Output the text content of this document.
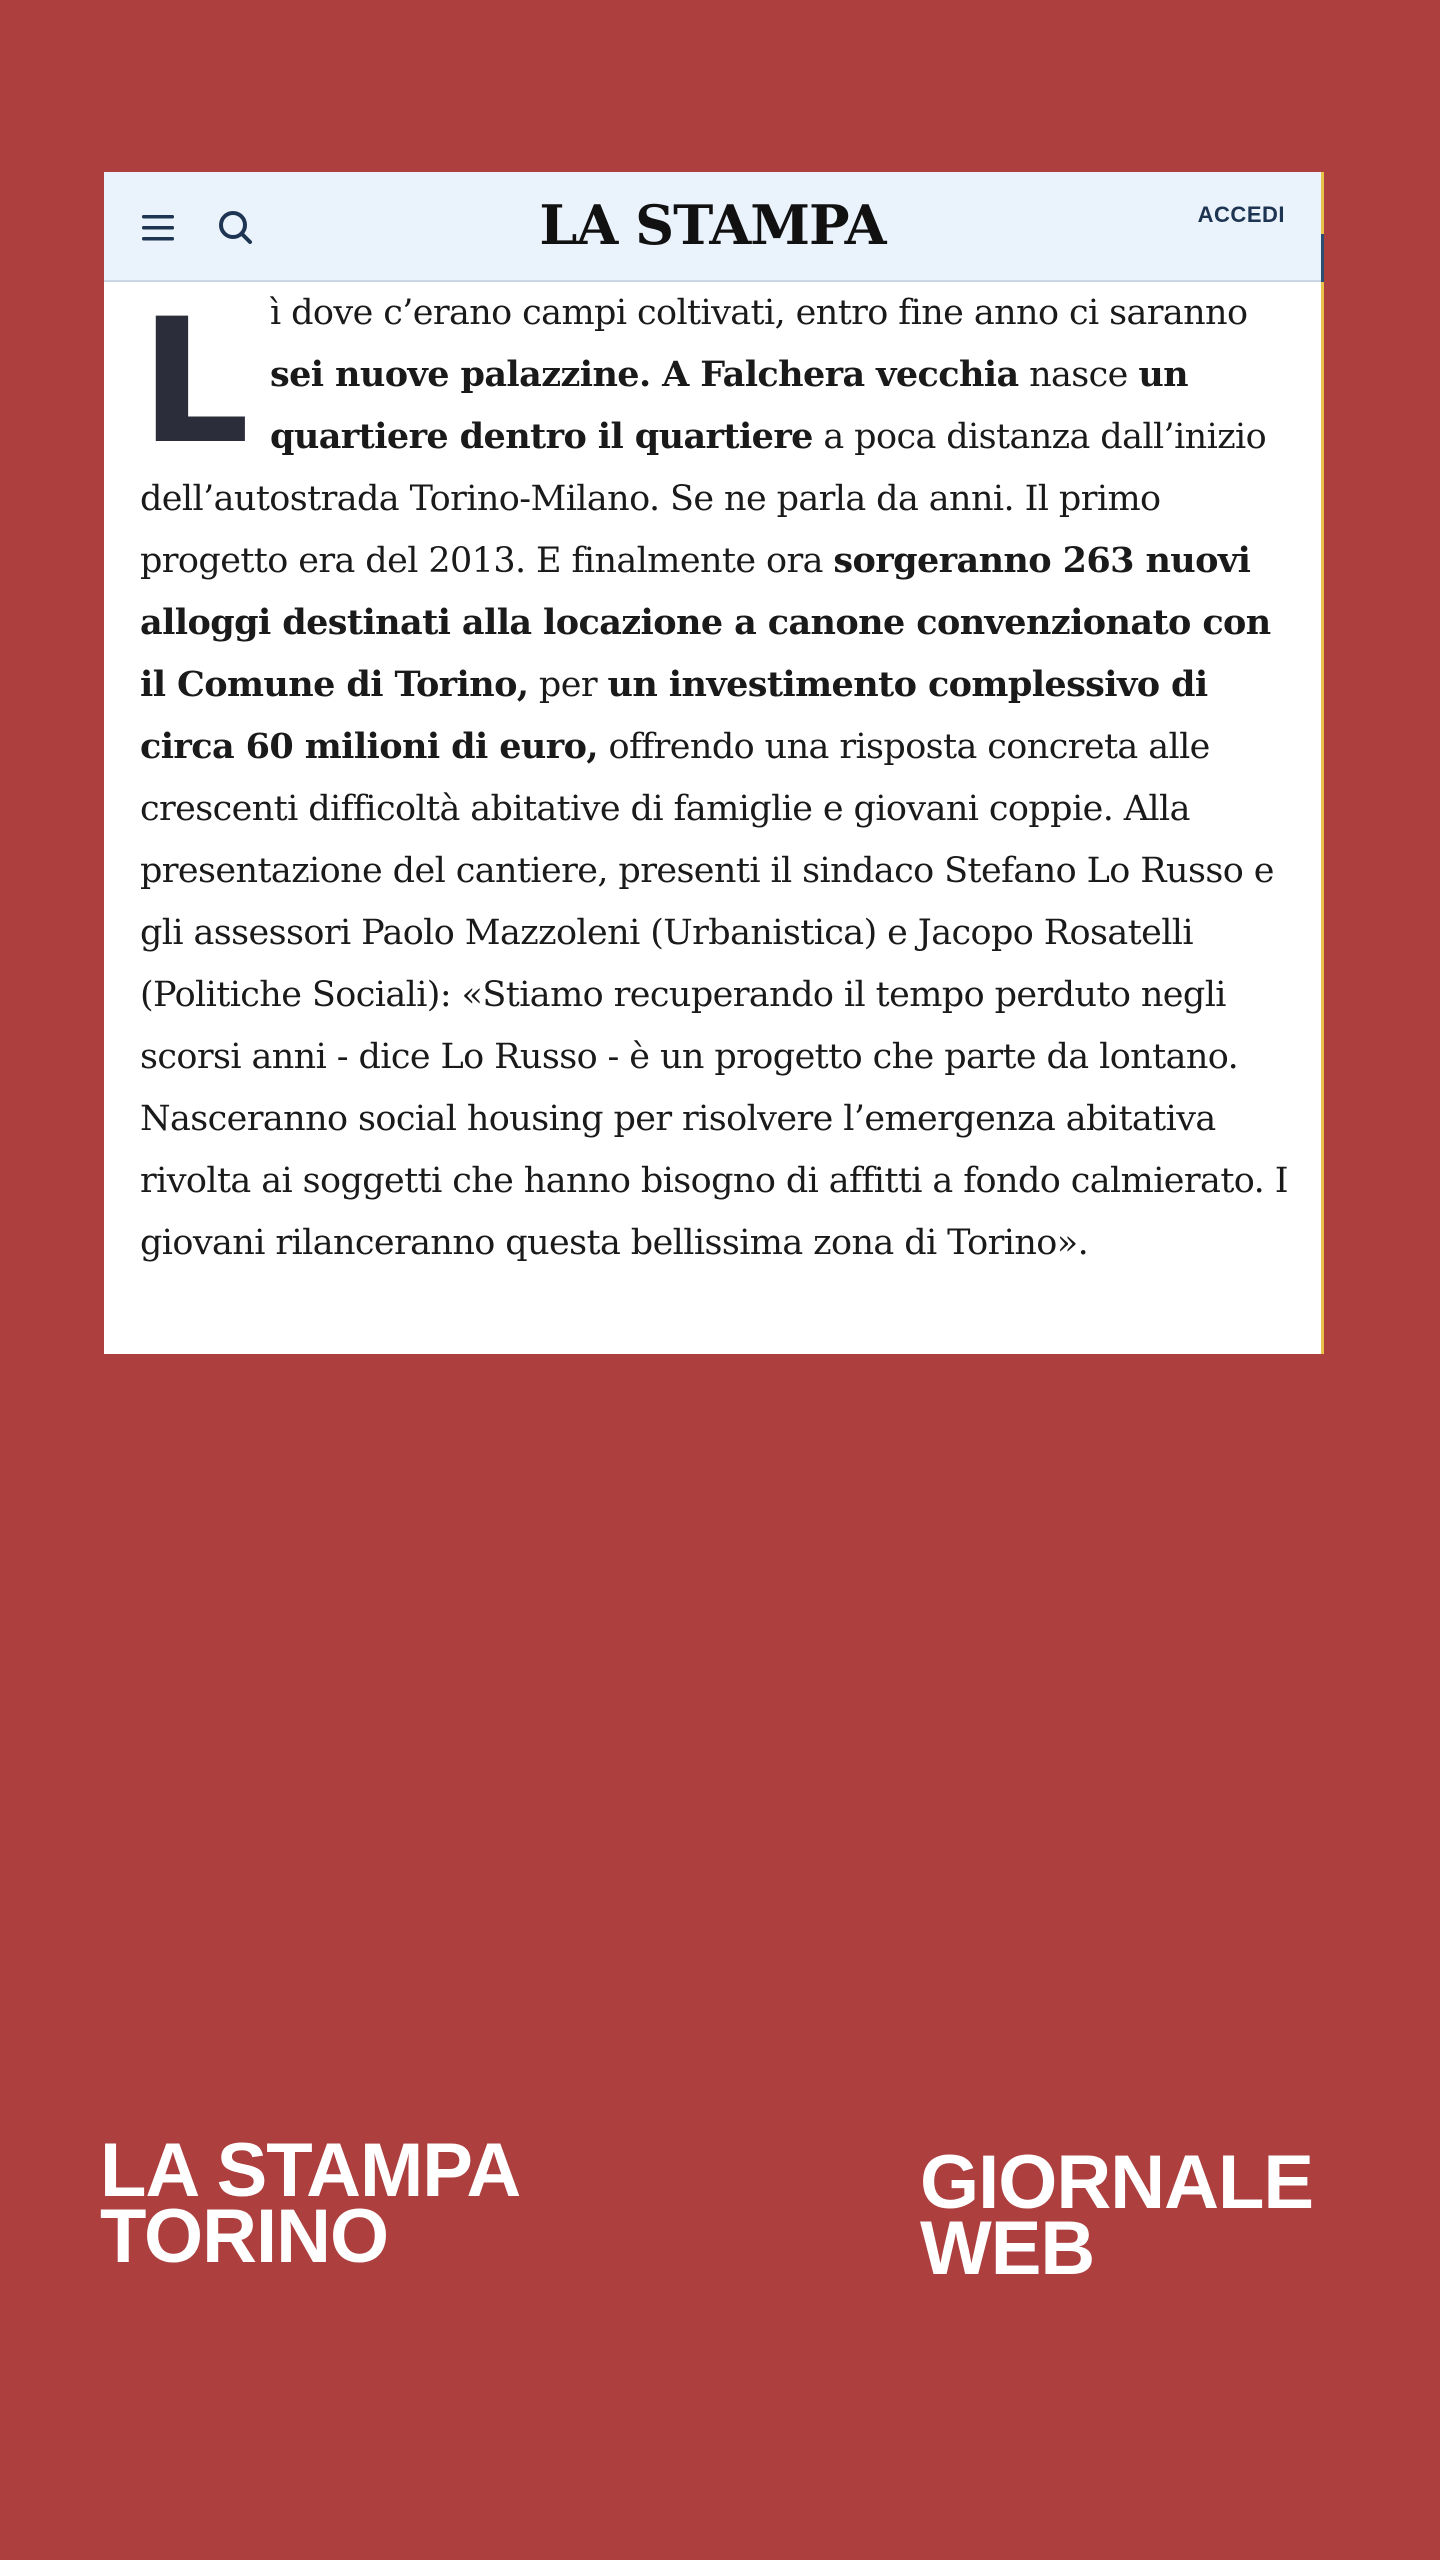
LA STAMPA	ACCEDI

L ì dove c’erano campi coltivati, entro fine anno ci saranno sei nuove palazzine. A Falchera vecchia nasce un quartiere dentro il quartiere a poca distanza dall’inizio dell’autostrada Torino-Milano. Se ne parla da anni. Il primo progetto era del 2013. E finalmente ora sorgeranno 263 nuovi alloggi destinati alla locazione a canone convenzionato con il Comune di Torino, per un investimento complessivo di circa 60 milioni di euro, offrendo una risposta concreta alle crescenti difficoltà abitative di famiglie e giovani coppie. Alla presentazione del cantiere, presenti il sindaco Stefano Lo Russo e gli assessori Paolo Mazzoleni (Urbanistica) e Jacopo Rosatelli (Politiche Sociali): «Stiamo recuperando il tempo perduto negli scorsi anni - dice Lo Russo - è un progetto che parte da lontano. Nasceranno social housing per risolvere l’emergenza abitativa rivolta ai soggetti che hanno bisogno di affitti a fondo calmierato. I giovani rilanceranno questa bellissima zona di Torino».

LA STAMPA
TORINO
GIORNALE
WEB
